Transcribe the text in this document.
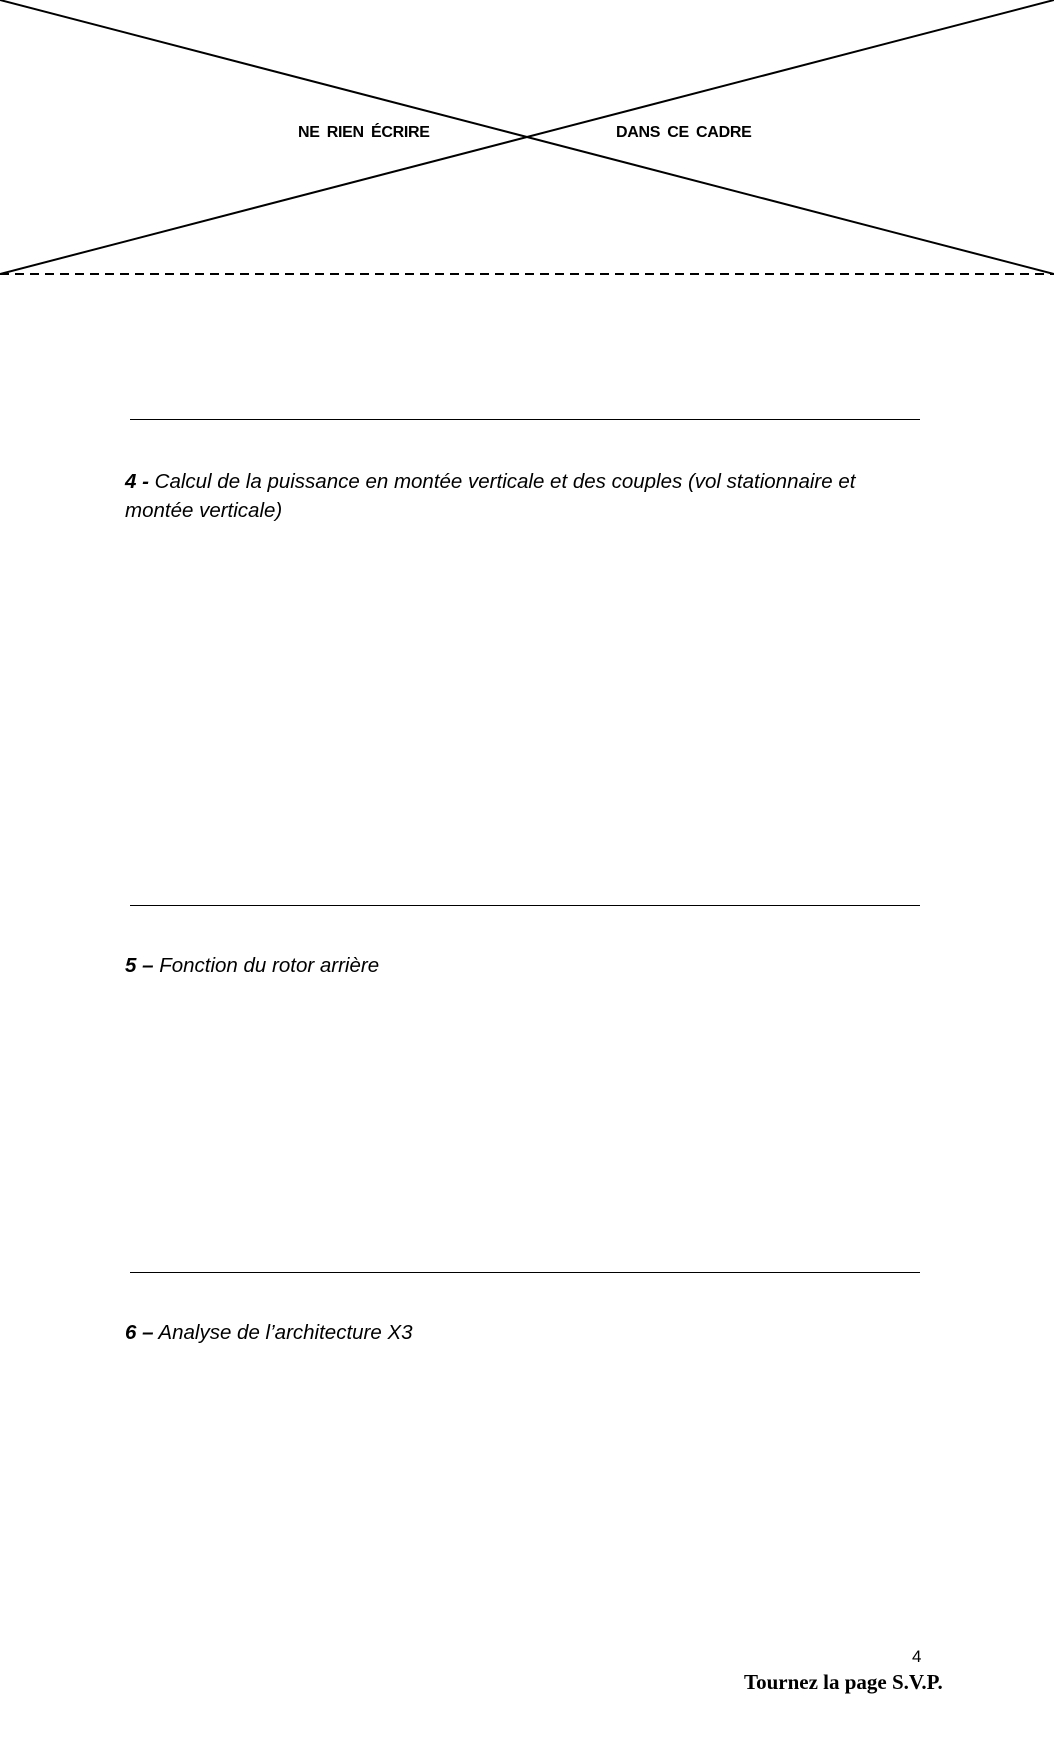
NE RIEN ÉCRIRE	DANS CE CADRE
4 - Calcul de la puissance en montée verticale et des couples (vol stationnaire et montée verticale)
5 – Fonction du rotor arrière
6 – Analyse de l’architecture X3
4
Tournez la page S.V.P.
